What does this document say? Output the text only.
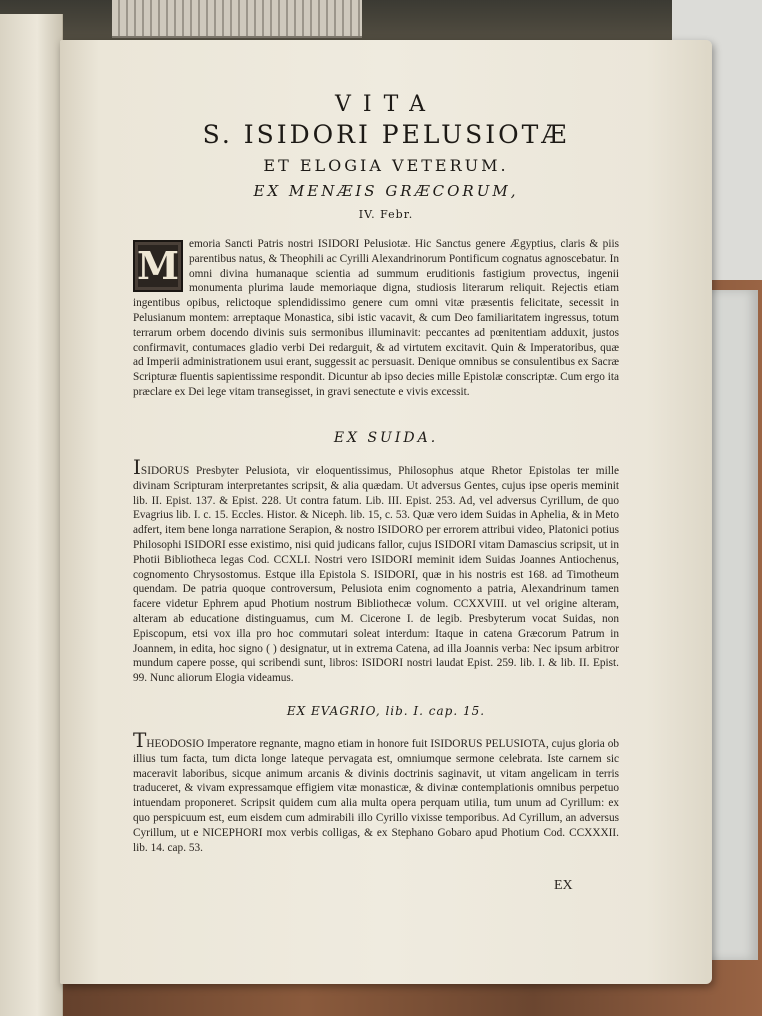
VITA
S. ISIDORI PELUSIOTÆ
ET ELOGIA VETERUM.
EX MENÆIS GRÆCORUM,
IV. Febr.
M emoria Sancti Patris nostri ISIDORI Pelusiotæ. Hic Sanctus genere Ægyptius, claris & piis parentibus natus, & Theophili ac Cyrilli Alexandrinorum Pontificum cognatus agnoscebatur. In omni divina humanaque scientia ad summum eruditionis fastigium provectus, ingenii monumenta plurima laude memoriaque digna, studiosis literarum reliquit. Rejectis etiam ingentibus opibus, relictoque splendidissimo genere cum omni vitæ præsentis felicitate, secessit in Pelusianum montem: arreptaque Monastica, sibi istic vacavit, & cum Deo familiaritatem ingressus, totum terrarum orbem docendo divinis suis sermonibus illuminavit: peccantes ad pœnitentiam adduxit, justos confirmavit, contumaces gladio verbi Dei redarguit, & ad virtutem excitavit. Quin & Imperatoribus, quæ ad Imperii administrationem usui erant, suggessit ac persuasit. Denique omnibus se consulentibus ex Sacræ Scripturæ fluentis sapientissime respondit. Dicuntur ab ipso decies mille Epistolæ conscriptæ. Cum ergo ita præclare ex Dei lege vitam transegisset, in gravi senectute e vivis excessit.
EX SUIDA.
ISIDORUS Presbyter Pelusiota, vir eloquentissimus, Philosophus atque Rhetor Epistolas ter mille divinam Scripturam interpretantes scripsit, & alia quædam. Ut adversus Gentes, cujus ipse operis meminit lib. II. Epist. 137. & Epist. 228. Ut contra fatum. Lib. III. Epist. 253. Ad, vel adversus Cyrillum, de quo Evagrius lib. I. c. 15. Eccles. Histor. & Niceph. lib. 15, c. 53. Quæ vero idem Suidas in Aphelia, & in Meto adfert, item bene longa narratione Serapion, & nostro ISIDORO per errorem attribui video, Platonici potius Philosophi ISIDORI esse existimo, nisi quid judicans fallor, cujus ISIDORI vitam Damascius scripsit, ut in Photii Bibliotheca legas Cod. CCXLI. Nostri vero ISIDORI meminit idem Suidas Joannes Antiochenus, cognomento Chrysostomus. Estque illa Epistola S. ISIDORI, quæ in his nostris est 168. ad Timotheum quendam. De patria quoque controversum, Pelusiota enim cognomento a patria, Alexandrinum tamen facere videtur Ephrem apud Photium nostrum Bibliothecæ volum. CCXXVIII. ut vel origine alteram, alteram ab educatione distinguamus, cum M. Cicerone I. de legib. Presbyterum vocat Suidas, non Episcopum, etsi vox illa pro hoc commutari soleat interdum: Itaque in catena Græcorum Patrum in Joannem, in edita, hoc signo ( ) designatur, ut in extrema Catena, ad illa Joannis verba: Nec ipsum arbitror mundum capere posse, qui scribendi sunt, libros: ISIDORI nostri laudat Epist. 259. lib. I. & lib. II. Epist. 99. Nunc aliorum Elogia videamus.
EX EVAGRIO, lib. I. cap. 15.
THEODOSIO Imperatore regnante, magno etiam in honore fuit ISIDORUS PELUSIOTA, cujus gloria ob illius tum facta, tum dicta longe lateque pervagata est, omniumque sermone celebrata. Iste carnem sic maceravit laboribus, sicque animum arcanis & divinis doctrinis saginavit, ut vitam angelicam in terris traduceret, & vivam expressamque effigiem vitæ monasticæ, & divinæ contemplationis omnibus perpetuo intuendam proponeret. Scripsit quidem cum alia multa opera perquam utilia, tum unum ad Cyrillum: ex quo perspicuum est, eum eisdem cum admirabili illo Cyrillo vixisse temporibus. Ad Cyrillum, an adversus Cyrillum, ut e NICEPHORI mox verbis colligas, & ex Stephano Gobaro apud Photium Cod. CCXXXII. lib. 14. cap. 53.
EX
